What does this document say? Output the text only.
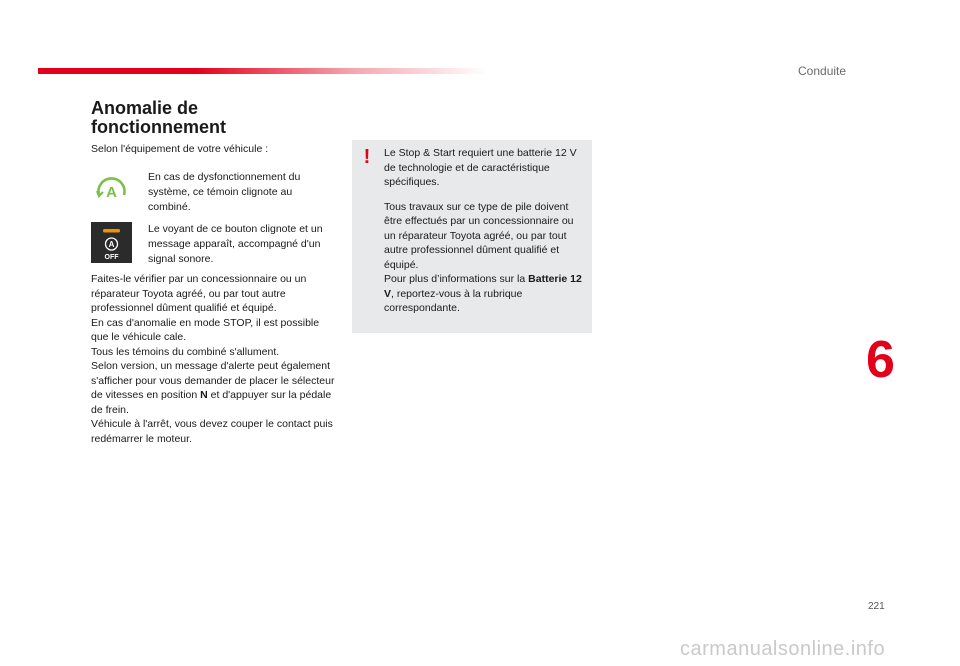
Conduite
Anomalie de fonctionnement
Selon l'équipement de votre véhicule :
A
En cas de dysfonctionnement du système, ce témoin clignote au combiné.
A
OFF
Le voyant de ce bouton clignote et un message apparaît, accompagné d'un signal sonore.

Faites-le vérifier par un concessionnaire ou un réparateur Toyota agréé, ou par tout autre professionnel dûment qualifié et équipé.

En cas d'anomalie en mode STOP, il est possible que le véhicule cale.

Tous les témoins du combiné s'allument.

Selon version, un message d'alerte peut également s'afficher pour vous demander de placer le sélecteur de vitesses en position N et d'appuyer sur la pédale de frein.

Véhicule à l'arrêt, vous devez couper le contact puis redémarrer le moteur.

! Le Stop & Start requiert une batterie 12 V de technologie et de caractéristique spécifiques.

Tous travaux sur ce type de pile doivent être effectués par un concessionnaire ou un réparateur Toyota agréé, ou par tout autre professionnel dûment qualifié et équipé.
Pour plus d’informations sur la Batterie 12 V, reportez-vous à la rubrique correspondante.

6
221
carmanualsonline.info
